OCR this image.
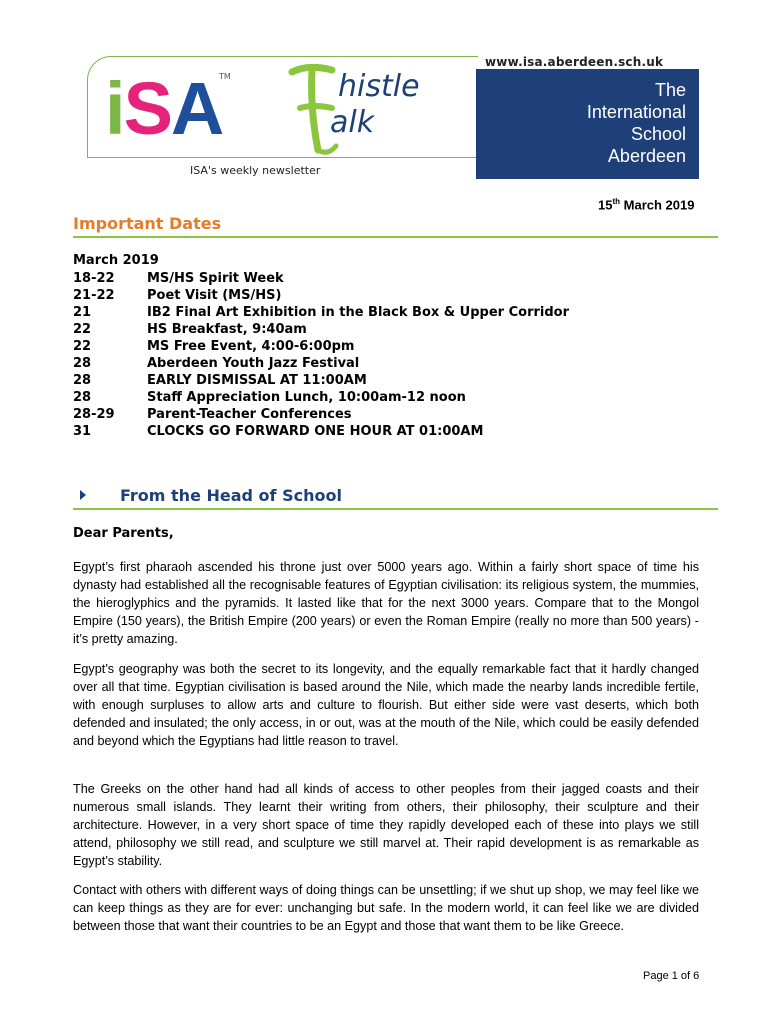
www.isa.aberdeen.sch.uk
iSA
TM	histle
alk
ISA's weekly newsletter
The
International
School
Aberdeen
15th March 2019
Important Dates
March 2019
18-22 MS/HS Spirit Week
21-22 Poet Visit (MS/HS)
21	IB2 Final Art Exhibition in the Black Box & Upper Corridor
22	HS Breakfast, 9:40am
22	MS Free Event, 4:00-6:00pm
28	Aberdeen Youth Jazz Festival
28	EARLY DISMISSAL AT 11:00AM
28	Staff Appreciation Lunch, 10:00am-12 noon
28-29 Parent-Teacher Conferences
31	CLOCKS GO FORWARD ONE HOUR AT 01:00AM
From the Head of School
Dear Parents,
Egypt’s first pharaoh ascended his throne just over 5000 years ago. Within a fairly short space of time his dynasty had established all the recognisable features of Egyptian civilisation: its religious system, the mummies, the hieroglyphics and the pyramids. It lasted like that for the next 3000 years. Compare that to the Mongol Empire (150 years), the British Empire (200 years) or even the Roman Empire (really no more than 500 years) - it’s pretty amazing.
Egypt’s geography was both the secret to its longevity, and the equally remarkable fact that it hardly changed over all that time. Egyptian civilisation is based around the Nile, which made the nearby lands incredible fertile, with enough surpluses to allow arts and culture to flourish. But either side were vast deserts, which both defended and insulated; the only access, in or out, was at the mouth of the Nile, which could be easily defended and beyond which the Egyptians had little reason to travel.
The Greeks on the other hand had all kinds of access to other peoples from their jagged coasts and their numerous small islands. They learnt their writing from others, their philosophy, their sculpture and their architecture. However, in a very short space of time they rapidly developed each of these into plays we still attend, philosophy we still read, and sculpture we still marvel at. Their rapid development is as remarkable as Egypt’s stability.
Contact with others with different ways of doing things can be unsettling; if we shut up shop, we may feel like we can keep things as they are for ever: unchanging but safe. In the modern world, it can feel like we are divided between those that want their countries to be an Egypt and those that want them to be like Greece.
Page 1 of 6
